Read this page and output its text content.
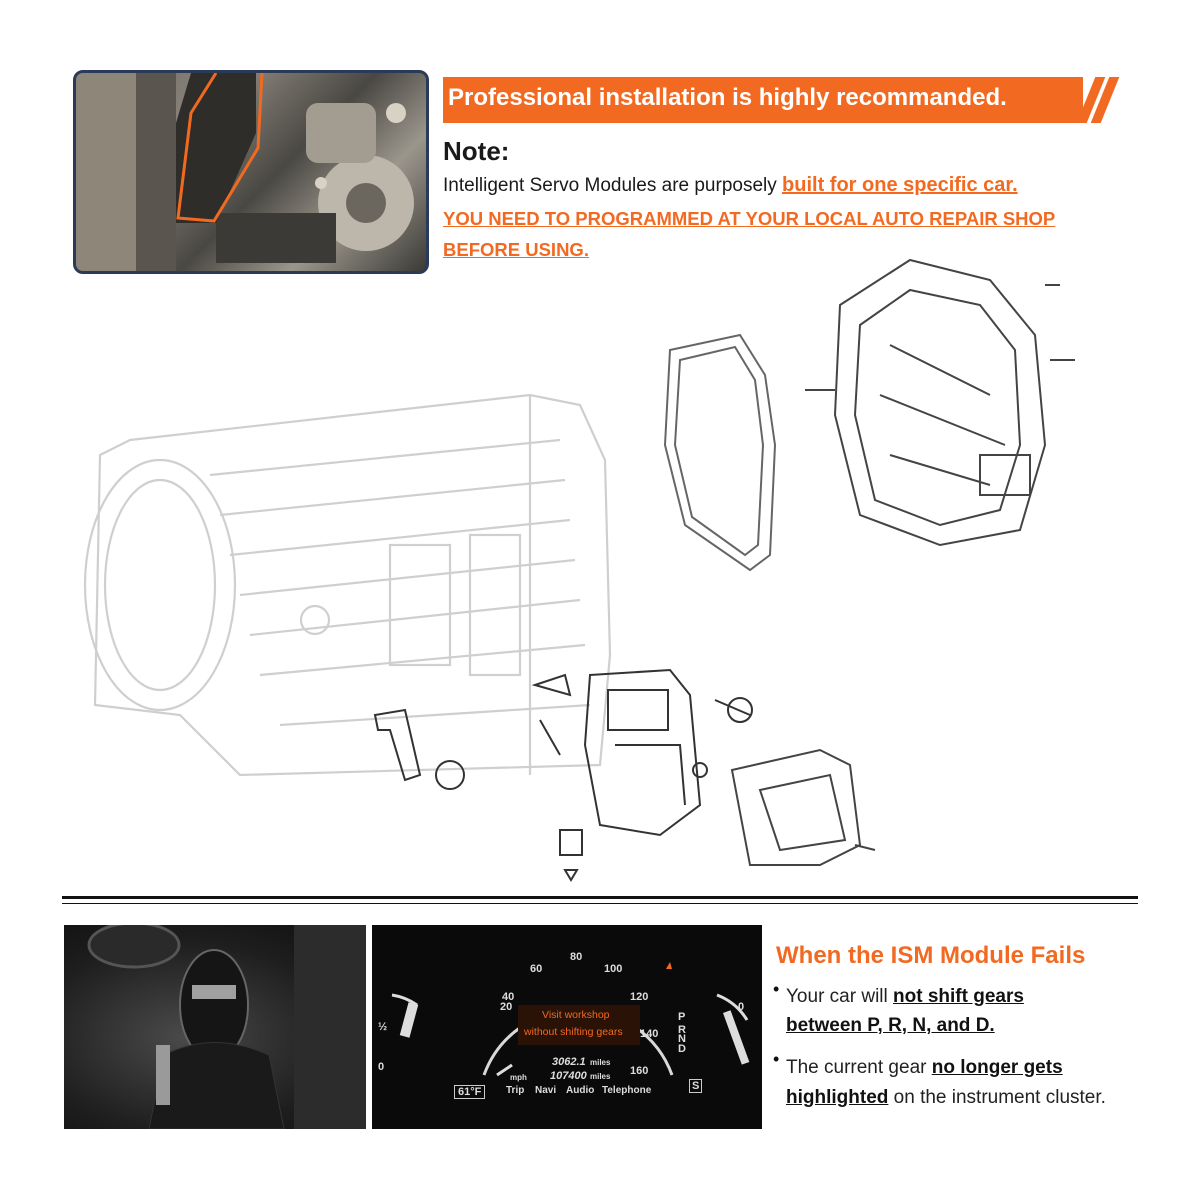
Professional installation is highly recommanded.
Note:
Intelligent Servo Modules are purposely built for one specific car.
YOU NEED TO PROGRAMMED AT YOUR LOCAL AUTO REPAIR SHOP
BEFORE USING.
20
40
60
80
100
120
140
160
Visit workshop
without shifting gears
3062.1 miles
107400 miles
mph
61°F	Trip Navi Audio Telephone
P
R
N
D
S
½
0
0
When the ISM Module Fails
• Your car will not shift gears
between P, R, N, and D.
• The current gear no longer gets
highlighted on the instrument cluster.
